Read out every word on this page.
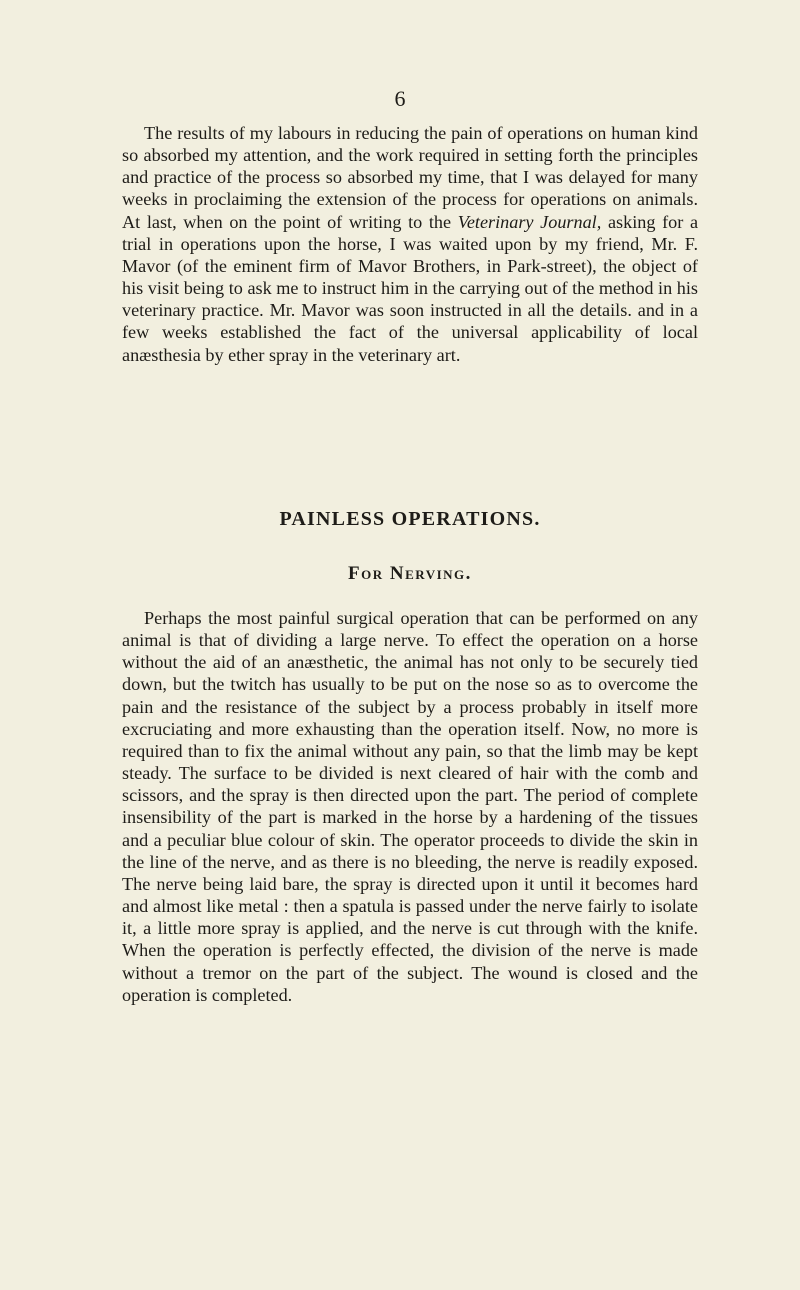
6

The results of my labours in reducing the pain of operations on human kind so absorbed my attention, and the work required in setting forth the principles and practice of the process so absorbed my time, that I was delayed for many weeks in proclaiming the extension of the process for operations on animals. At last, when on the point of writing to the Veterinary Journal, asking for a trial in operations upon the horse, I was waited upon by my friend, Mr. F. Mavor (of the eminent firm of Mavor Brothers, in Park-street), the object of his visit being to ask me to instruct him in the carrying out of the method in his veterinary practice. Mr. Mavor was soon instructed in all the details. and in a few weeks established the fact of the universal applicability of local anæsthesia by ether spray in the veterinary art.

PAINLESS OPERATIONS.
For Nerving.

Perhaps the most painful surgical operation that can be performed on any animal is that of dividing a large nerve. To effect the operation on a horse without the aid of an anæsthetic, the animal has not only to be securely tied down, but the twitch has usually to be put on the nose so as to overcome the pain and the resistance of the subject by a process probably in itself more excruciating and more exhausting than the operation itself. Now, no more is required than to fix the animal without any pain, so that the limb may be kept steady. The surface to be divided is next cleared of hair with the comb and scissors, and the spray is then directed upon the part. The period of complete insensibility of the part is marked in the horse by a hardening of the tissues and a peculiar blue colour of skin. The operator proceeds to divide the skin in the line of the nerve, and as there is no bleeding, the nerve is readily exposed. The nerve being laid bare, the spray is directed upon it until it becomes hard and almost like metal : then a spatula is passed under the nerve fairly to isolate it, a little more spray is applied, and the nerve is cut through with the knife. When the operation is perfectly effected, the division of the nerve is made without a tremor on the part of the subject. The wound is closed and the operation is completed.
